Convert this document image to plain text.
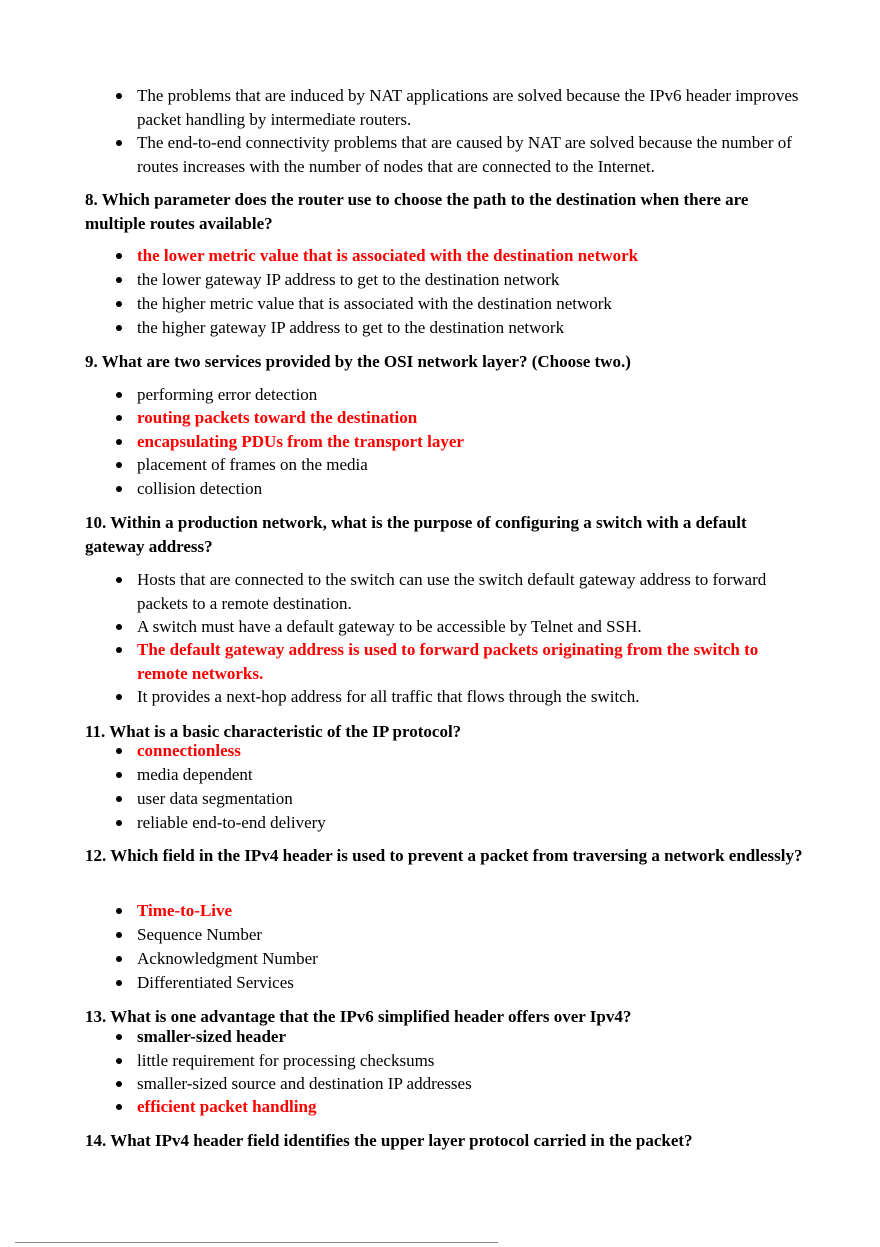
The problems that are induced by NAT applications are solved because the IPv6 header improves packet handling by intermediate routers.
The end-to-end connectivity problems that are caused by NAT are solved because the number of routes increases with the number of nodes that are connected to the Internet.
8. Which parameter does the router use to choose the path to the destination when there are multiple routes available?
the lower metric value that is associated with the destination network
the lower gateway IP address to get to the destination network
the higher metric value that is associated with the destination network
the higher gateway IP address to get to the destination network
9. What are two services provided by the OSI network layer? (Choose two.)
performing error detection
routing packets toward the destination
encapsulating PDUs from the transport layer
placement of frames on the media
collision detection
10. Within a production network, what is the purpose of configuring a switch with a default gateway address?
Hosts that are connected to the switch can use the switch default gateway address to forward packets to a remote destination.
A switch must have a default gateway to be accessible by Telnet and SSH.
The default gateway address is used to forward packets originating from the switch to remote networks.
It provides a next-hop address for all traffic that flows through the switch.
11. What is a basic characteristic of the IP protocol?
connectionless
media dependent
user data segmentation
reliable end-to-end delivery
12. Which field in the IPv4 header is used to prevent a packet from traversing a network endlessly?
Time-to-Live
Sequence Number
Acknowledgment Number
Differentiated Services
13. What is one advantage that the IPv6 simplified header offers over Ipv4?
smaller-sized header
little requirement for processing checksums
smaller-sized source and destination IP addresses
efficient packet handling
14. What IPv4 header field identifies the upper layer protocol carried in the packet?
